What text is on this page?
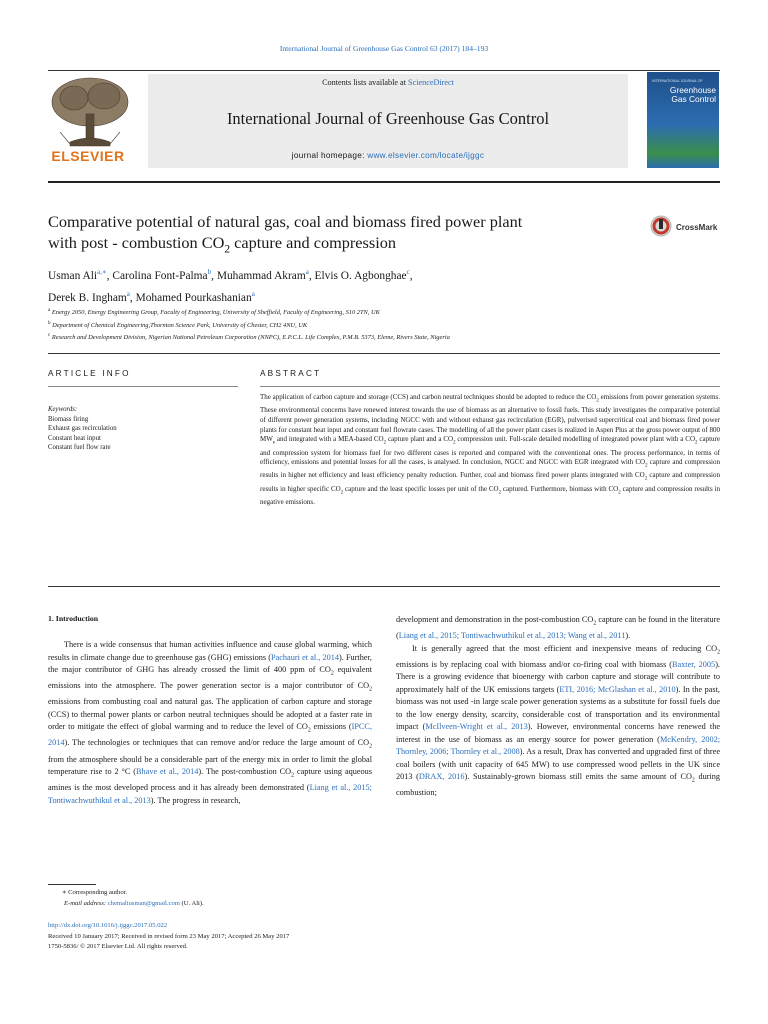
International Journal of Greenhouse Gas Control 63 (2017) 184–193
ELSEVIER
Contents lists available at ScienceDirect
International Journal of Greenhouse Gas Control
journal homepage: www.elsevier.com/locate/ijggc
INTERNATIONAL JOURNAL OF
Greenhouse
Gas Control
Comparative potential of natural gas, coal and biomass fired power plant
with post - combustion $CO_2$ capture and compression
CrossMark
Usman Ali$^{a,∗}$, Carolina Font-Palma$^b$, Muhammad Akram$^a$, Elvis O. Agbonghae$^c$,
Derek B. Ingham$^a$, Mohamed Pourkashanian$^a$
$^a$ Energy 2050, Energy Engineering Group, Faculty of Engineering, University of Sheffield, Faculty of Engineering, S10 2TN, UK
$^b$ Department of Chemical Engineering,Thornton Science Park, University of Chester, CH2 4NU, UK
$^c$ Research and Development Division, Nigerian National Petroleum Corporation (NNPC), E.P.C.L. Life Complex, P.M.B. 5373, Eleme, Rivers State, Nigeria
ARTICLE INFO	ABSTRACT
Keywords:
Biomass firing
Exhaust gas recirculation
Constant heat input
Constant fuel flow rate
The application of carbon capture and storage (CCS) and carbon neutral techniques should be adopted to reduce the $CO_2$ emissions from power generation systems. These environmental concerns have renewed interest towards the use of biomass as an alternative to fossil fuels. This study investigates the comparative potential of different power generation systems, including NGCC with and without exhaust gas recirculation (EGR), pulverised supercritical coal and biomass fired power plants for constant heat input and constant fuel flowrate cases. The modelling of all the power plant cases is realized in Aspen Plus at the gross power output of 800 $MW_e$ and integrated with a MEA-based $CO_2$ capture plant and a $CO_2$ compression unit. Full-scale detailed modelling of integrated power plant with a $CO_2$ capture and compression system for biomass fuel for two different cases is reported and compared with the conventional ones. The process performance, in terms of efficiency, emissions and potential losses for all the cases, is analysed. In conclusion, NGCC and NGCC with EGR integrated with $CO_2$ capture and compression results in higher net efficiency and least efficiency penalty reduction. Further, coal and biomass fired power plants integrated with $CO_2$ capture and compression results in higher specific $CO_2$ capture and the least specific losses per unit of the $CO_2$ captured. Furthermore, biomass with $CO_2$ capture and compression results in negative emissions.
1. Introduction

There is a wide consensus that human activities influence and cause global warming, which results in climate change due to greenhouse gas (GHG) emissions (Pachauri et al., 2014). Further, the major contributor of GHG has already crossed the limit of 400 ppm of $CO_2$ equivalent emissions into the atmosphere. The power generation sector is a major contributor of $CO_2$ emissions from combusting coal and natural gas. The application of carbon capture and storage (CCS) to thermal power plants or carbon neutral techniques should be adopted at a faster rate in order to mitigate the effect of global warming and to reduce the level of $CO_2$ emissions (IPCC, 2014). The technologies or techniques that can remove and/or reduce the large amount of $CO_2$ from the atmosphere should be a considerable part of the energy mix in order to limit the global temperature rise to 2 °C (Bhave et al., 2014). The post-combustion $CO_2$ capture using aqueous amines is the most developed process and it has already been demonstrated (Liang et al., 2015; Tontiwachwuthikul et al., 2013). The progress in research,

development and demonstration in the post-combustion $CO_2$ capture can be found in the literature (Liang et al., 2015; Tontiwachwuthikul et al., 2013; Wang et al., 2011).

It is generally agreed that the most efficient and inexpensive means of reducing $CO_2$ emissions is by replacing coal with biomass and/or co-firing coal with biomass (Baxter, 2005). There is a growing evidence that bioenergy with carbon capture and storage will contribute to approximately half of the UK emissions targets (ETI, 2016; McGlashan et al., 2010). In the past, biomass was not used -in large scale power generation systems as a substitute for fossil fuels due to the low energy density, scarcity, considerable cost of transportation and its environmental impact (McIlveen-Wright et al., 2013). However, environmental concerns have renewed the interest in the use of biomass as an energy source for power generation (McKendry, 2002; Thornley, 2006; Thornley et al., 2008). As a result, Drax has converted and upgraded first of three coal boilers (with unit capacity of 645 MW) to use compressed wood pellets in the UK since 2013 (DRAX, 2016). Sustainably-grown biomass still emits the same amount of $CO_2$ during combustion;

∗ Corresponding author.
E-mail address: chemaliusman@gmail.com (U. Ali).
http://dx.doi.org/10.1016/j.ijggc.2017.05.022
Received 10 January 2017; Received in revised form 23 May 2017; Accepted 26 May 2017
1750-5836/ © 2017 Elsevier Ltd. All rights reserved.
